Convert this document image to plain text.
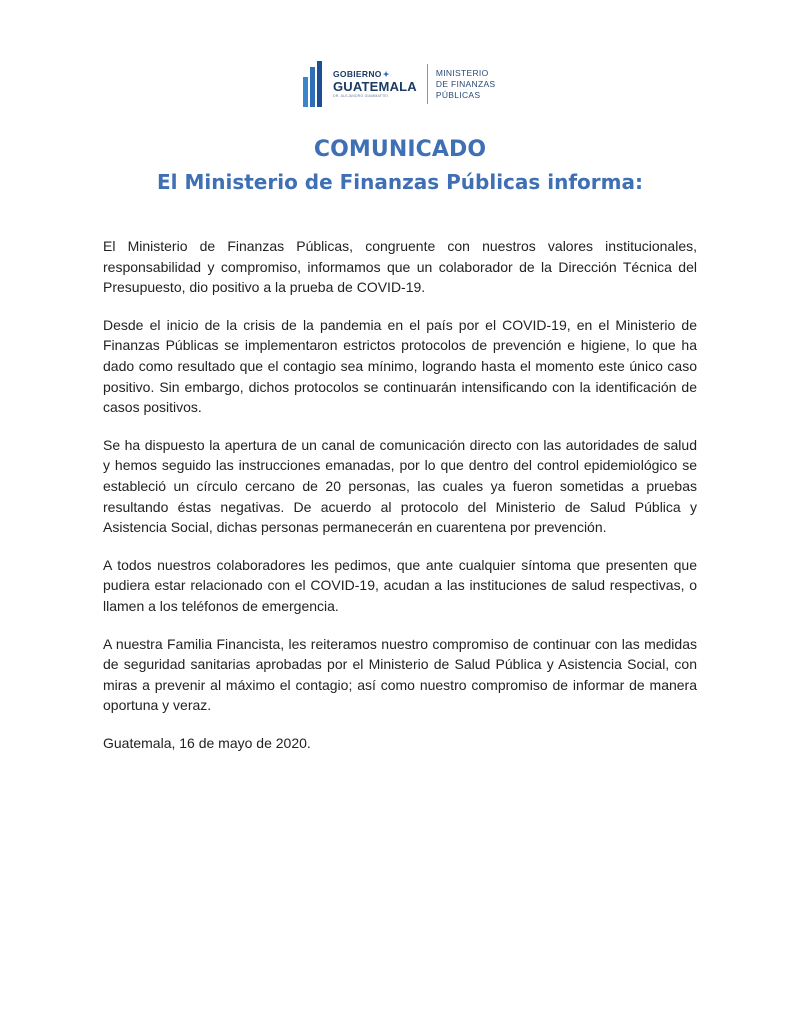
GOBIERNO✦
GUATEMALA
DR. ALEJANDRO GIAMMATTEI
MINISTERIO
DE FINANZAS
PÚBLICAS
COMUNICADO
El Ministerio de Finanzas Públicas informa:

El Ministerio de Finanzas Públicas, congruente con nuestros valores institucionales, responsabilidad y compromiso, informamos que un colaborador de la Dirección Técnica del Presupuesto, dio positivo a la prueba de COVID-19.

Desde el inicio de la crisis de la pandemia en el país por el COVID-19, en el Ministerio de Finanzas Públicas se implementaron estrictos protocolos de prevención e higiene, lo que ha dado como resultado que el contagio sea mínimo, logrando hasta el momento este único caso positivo. Sin embargo, dichos protocolos se continuarán intensificando con la identificación de casos positivos.

Se ha dispuesto la apertura de un canal de comunicación directo con las autoridades de salud y hemos seguido las instrucciones emanadas, por lo que dentro del control epidemiológico se estableció un círculo cercano de 20 personas, las cuales ya fueron sometidas a pruebas resultando éstas negativas. De acuerdo al protocolo del Ministerio de Salud Pública y Asistencia Social, dichas personas permanecerán en cuarentena por prevención.

A todos nuestros colaboradores les pedimos, que ante cualquier síntoma que presenten que pudiera estar relacionado con el COVID-19, acudan a las instituciones de salud respectivas, o llamen a los teléfonos de emergencia.

A nuestra Familia Financista, les reiteramos nuestro compromiso de continuar con las medidas de seguridad sanitarias aprobadas por el Ministerio de Salud Pública y Asistencia Social, con miras a prevenir al máximo el contagio; así como nuestro compromiso de informar de manera oportuna y veraz.

Guatemala, 16 de mayo de 2020.
